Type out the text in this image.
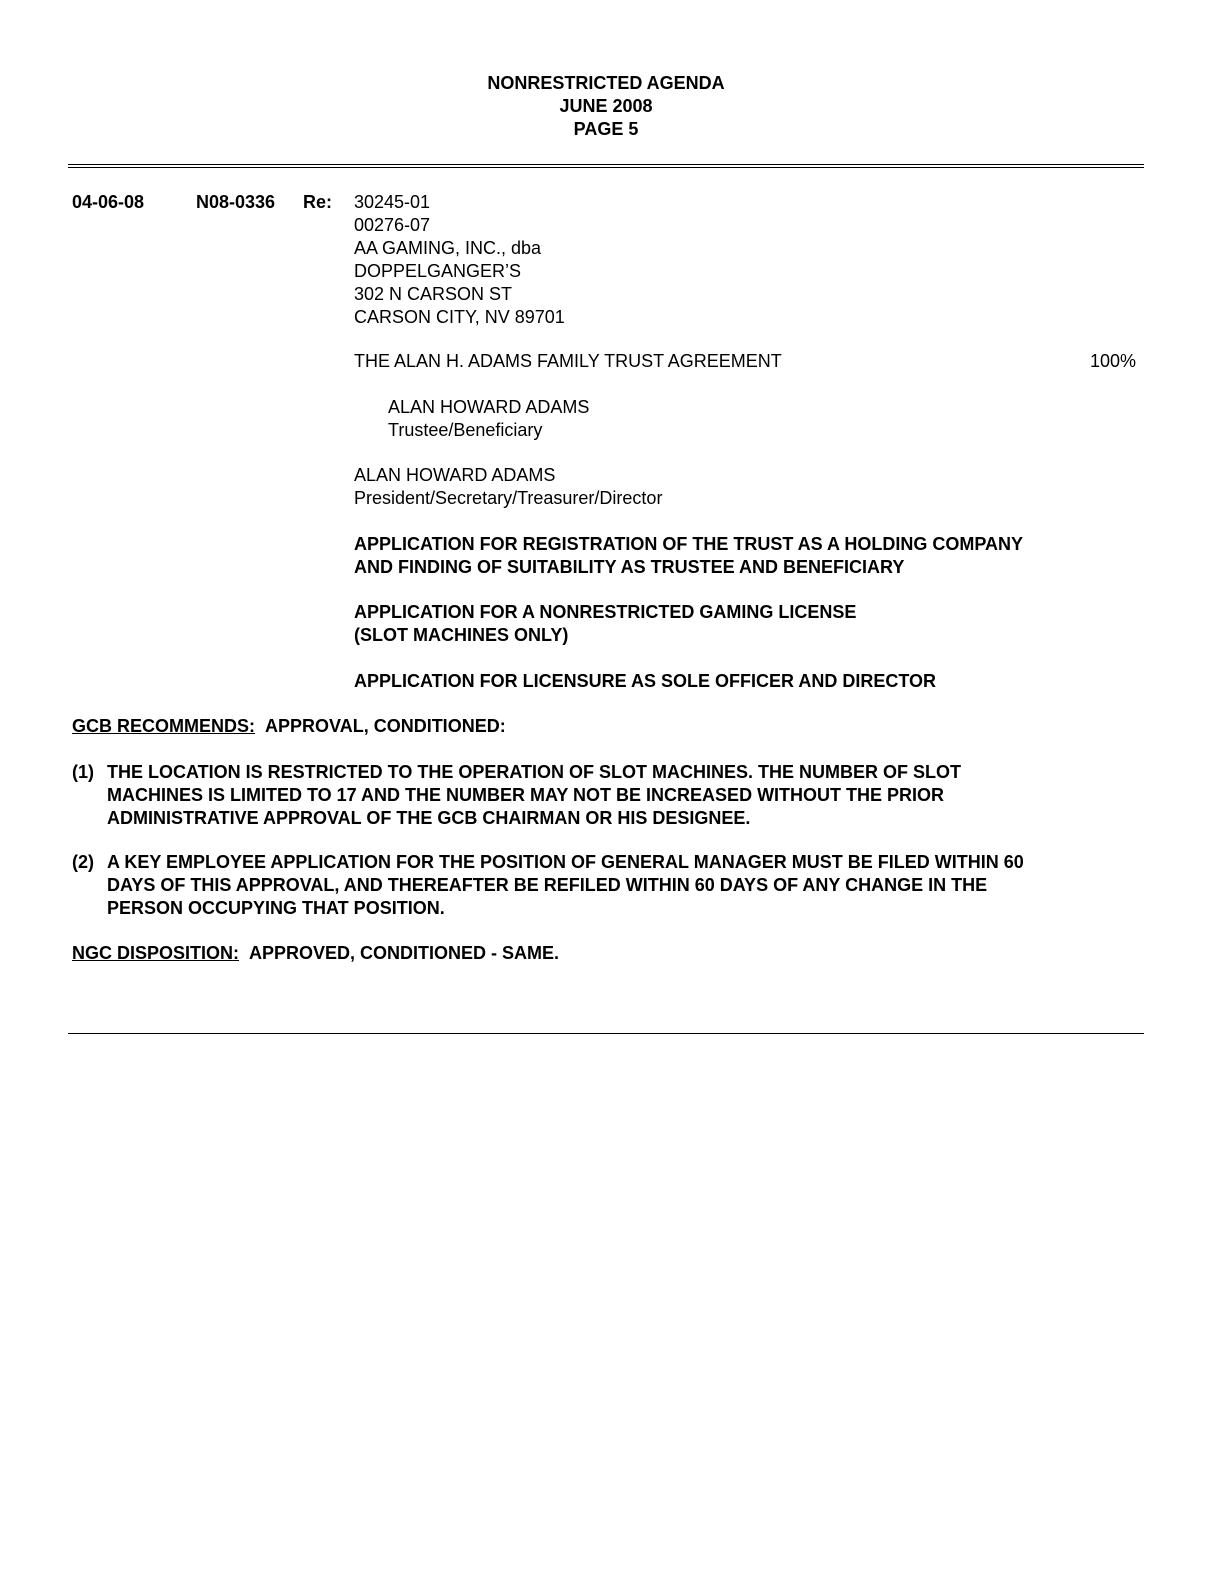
NONRESTRICTED AGENDA
JUNE 2008
PAGE 5
04-06-08	N08-0336 Re: 30245-01
00276-07
AA GAMING, INC., dba
DOPPELGANGER’S
302 N CARSON ST
CARSON CITY, NV 89701
THE ALAN H. ADAMS FAMILY TRUST AGREEMENT	100%
ALAN HOWARD ADAMS
Trustee/Beneficiary
ALAN HOWARD ADAMS
President/Secretary/Treasurer/Director
APPLICATION FOR REGISTRATION OF THE TRUST AS A HOLDING COMPANY
AND FINDING OF SUITABILITY AS TRUSTEE AND BENEFICIARY
APPLICATION FOR A NONRESTRICTED GAMING LICENSE
(SLOT MACHINES ONLY)
APPLICATION FOR LICENSURE AS SOLE OFFICER AND DIRECTOR
GCB RECOMMENDS: APPROVAL, CONDITIONED:
(1) THE LOCATION IS RESTRICTED TO THE OPERATION OF SLOT MACHINES. THE NUMBER OF SLOT
MACHINES IS LIMITED TO 17 AND THE NUMBER MAY NOT BE INCREASED WITHOUT THE PRIOR
ADMINISTRATIVE APPROVAL OF THE GCB CHAIRMAN OR HIS DESIGNEE.
(2) A KEY EMPLOYEE APPLICATION FOR THE POSITION OF GENERAL MANAGER MUST BE FILED WITHIN 60
DAYS OF THIS APPROVAL, AND THEREAFTER BE REFILED WITHIN 60 DAYS OF ANY CHANGE IN THE
PERSON OCCUPYING THAT POSITION.
NGC DISPOSITION: APPROVED, CONDITIONED - SAME.
